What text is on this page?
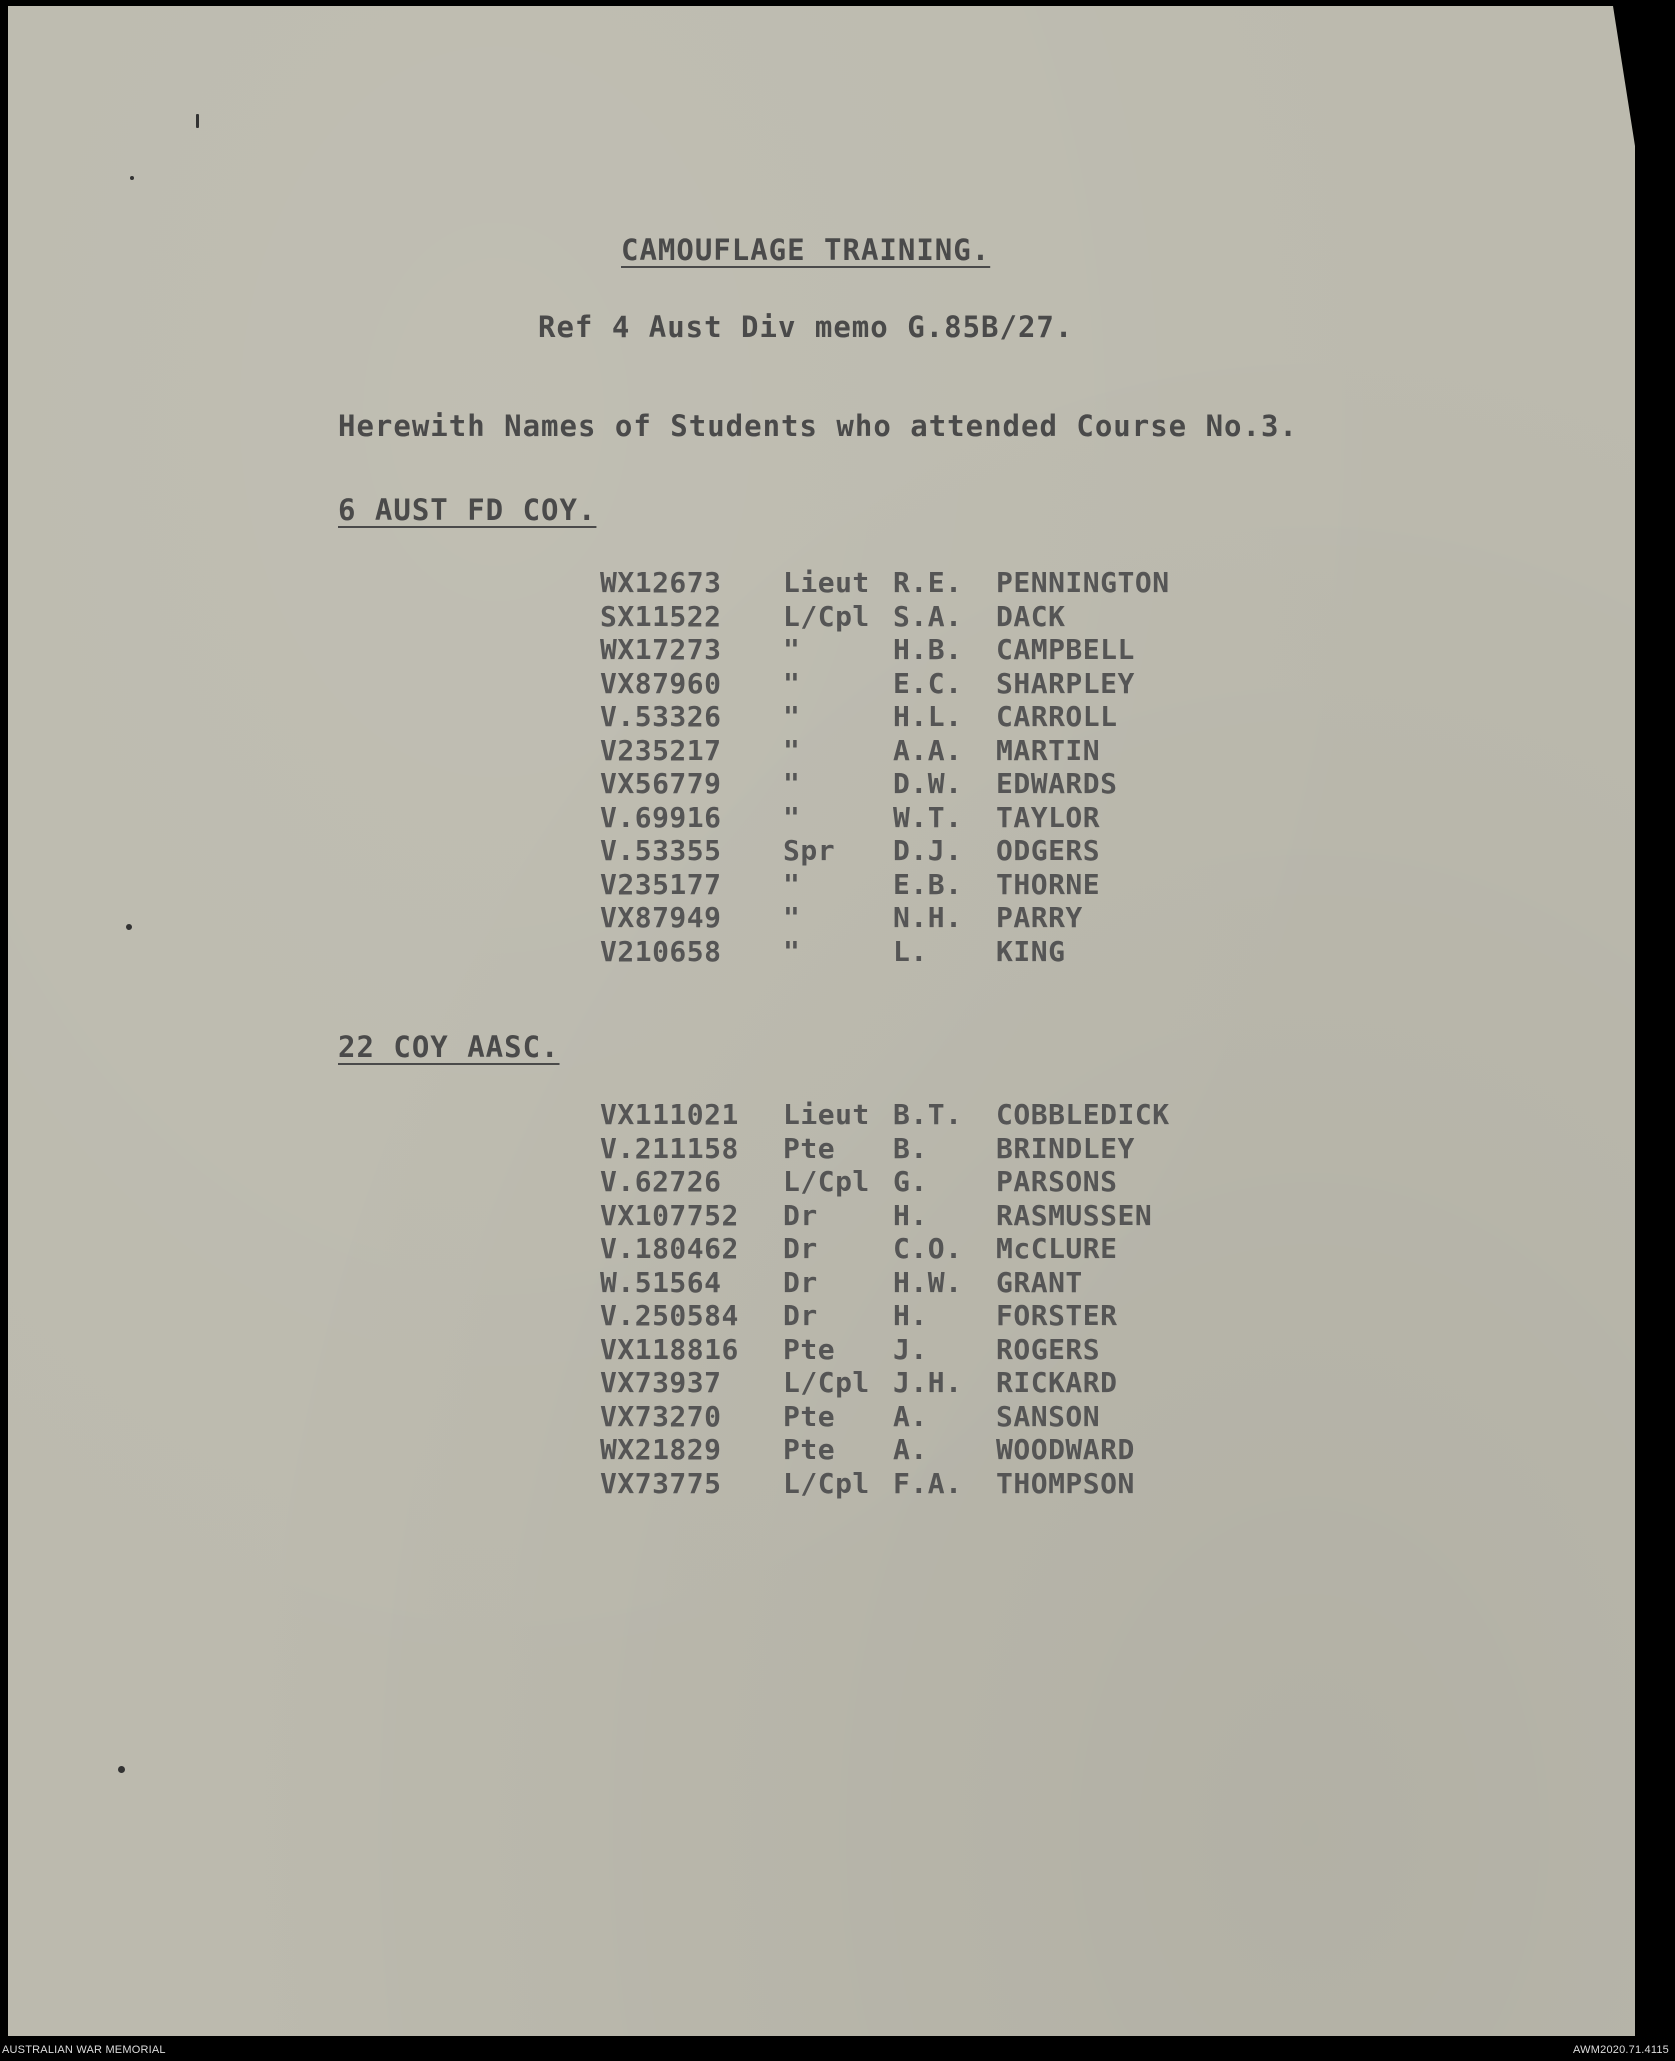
CAMOUFLAGE TRAINING.
Ref 4 Aust Div memo G.85B/27.
Herewith Names of Students who attended Course No.3.
6 AUST FD COY.
WX12673	Lieut R.E.	PENNINGTON
SX11522	L/Cpl S.A.	DACK
WX17273	"	H.B.	CAMPBELL
VX87960	"	E.C.	SHARPLEY
V.53326	"	H.L.	CARROLL
V235217	"	A.A.	MARTIN
VX56779	"	D.W.	EDWARDS
V.69916	"	W.T.	TAYLOR
V.53355	Spr	D.J.	ODGERS
V235177	"	E.B.	THORNE
VX87949	"	N.H.	PARRY
V210658	"	L.	KING
22 COY AASC.
VX111021	Lieut B.T.	COBBLEDICK
V.211158	Pte	B.	BRINDLEY
V.62726	L/Cpl G.	PARSONS
VX107752	Dr	H.	RASMUSSEN
V.180462	Dr	C.O.	McCLURE
W.51564	Dr	H.W.	GRANT
V.250584	Dr	H.	FORSTER
VX118816	Pte	J.	ROGERS
VX73937	L/Cpl J.H.	RICKARD
VX73270	Pte	A.	SANSON
WX21829	Pte	A.	WOODWARD
VX73775	L/Cpl F.A.	THOMPSON
AUSTRALIAN WAR MEMORIAL	AWM2020.71.4115
